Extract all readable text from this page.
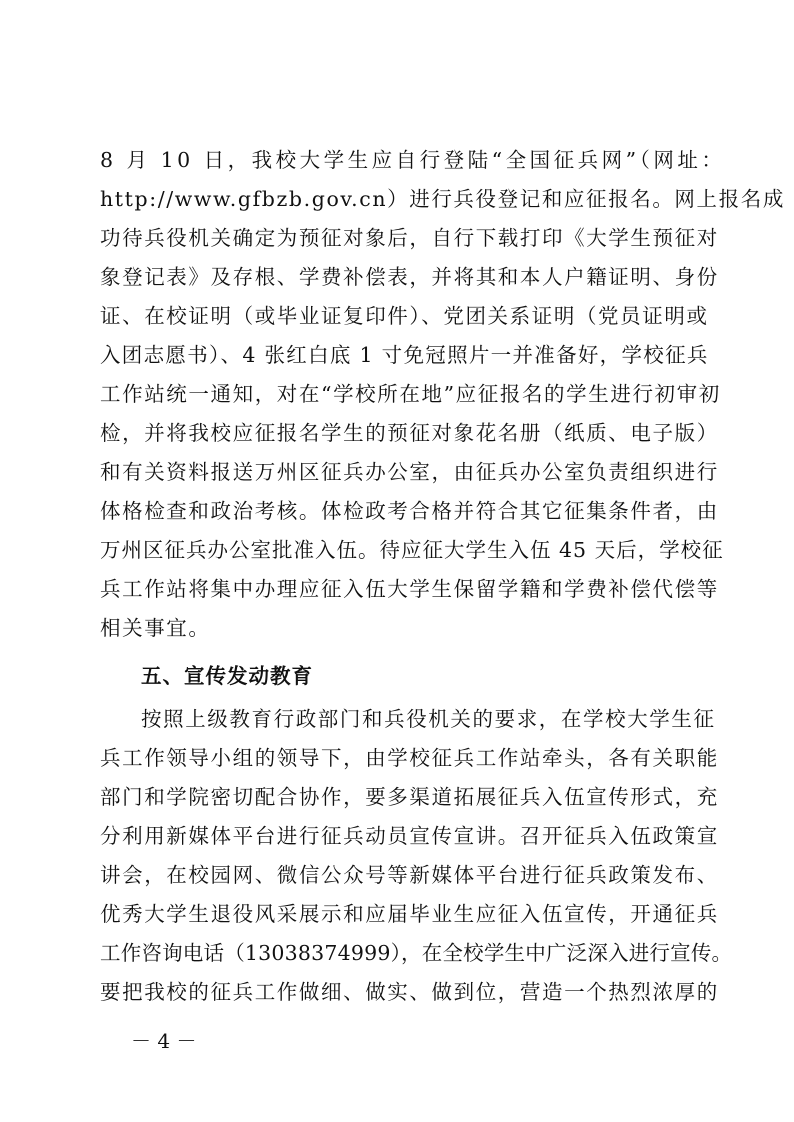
8 月 10 日，我校大学生应自行登陆“全国征兵网”（网址：
http://www.gfbzb.gov.cn）进行兵役登记和应征报名。网上报名成
功待兵役机关确定为预征对象后，自行下载打印《大学生预征对
象登记表》及存根、学费补偿表，并将其和本人户籍证明、身份
证、在校证明（或毕业证复印件）、党团关系证明（党员证明或
入团志愿书）、4 张红白底 1 寸免冠照片一并准备好，学校征兵
工作站统一通知，对在“学校所在地”应征报名的学生进行初审初
检，并将我校应征报名学生的预征对象花名册（纸质、电子版）
和有关资料报送万州区征兵办公室，由征兵办公室负责组织进行
体格检查和政治考核。体检政考合格并符合其它征集条件者，由
万州区征兵办公室批准入伍。待应征大学生入伍 45 天后，学校征
兵工作站将集中办理应征入伍大学生保留学籍和学费补偿代偿等
相关事宜。
五、宣传发动教育
按照上级教育行政部门和兵役机关的要求，在学校大学生征
兵工作领导小组的领导下，由学校征兵工作站牵头，各有关职能
部门和学院密切配合协作，要多渠道拓展征兵入伍宣传形式，充
分利用新媒体平台进行征兵动员宣传宣讲。召开征兵入伍政策宣
讲会，在校园网、微信公众号等新媒体平台进行征兵政策发布、
优秀大学生退役风采展示和应届毕业生应征入伍宣传，开通征兵
工作咨询电话（13038374999），在全校学生中广泛深入进行宣传。
要把我校的征兵工作做细、做实、做到位，营造一个热烈浓厚的
－ 4 －
